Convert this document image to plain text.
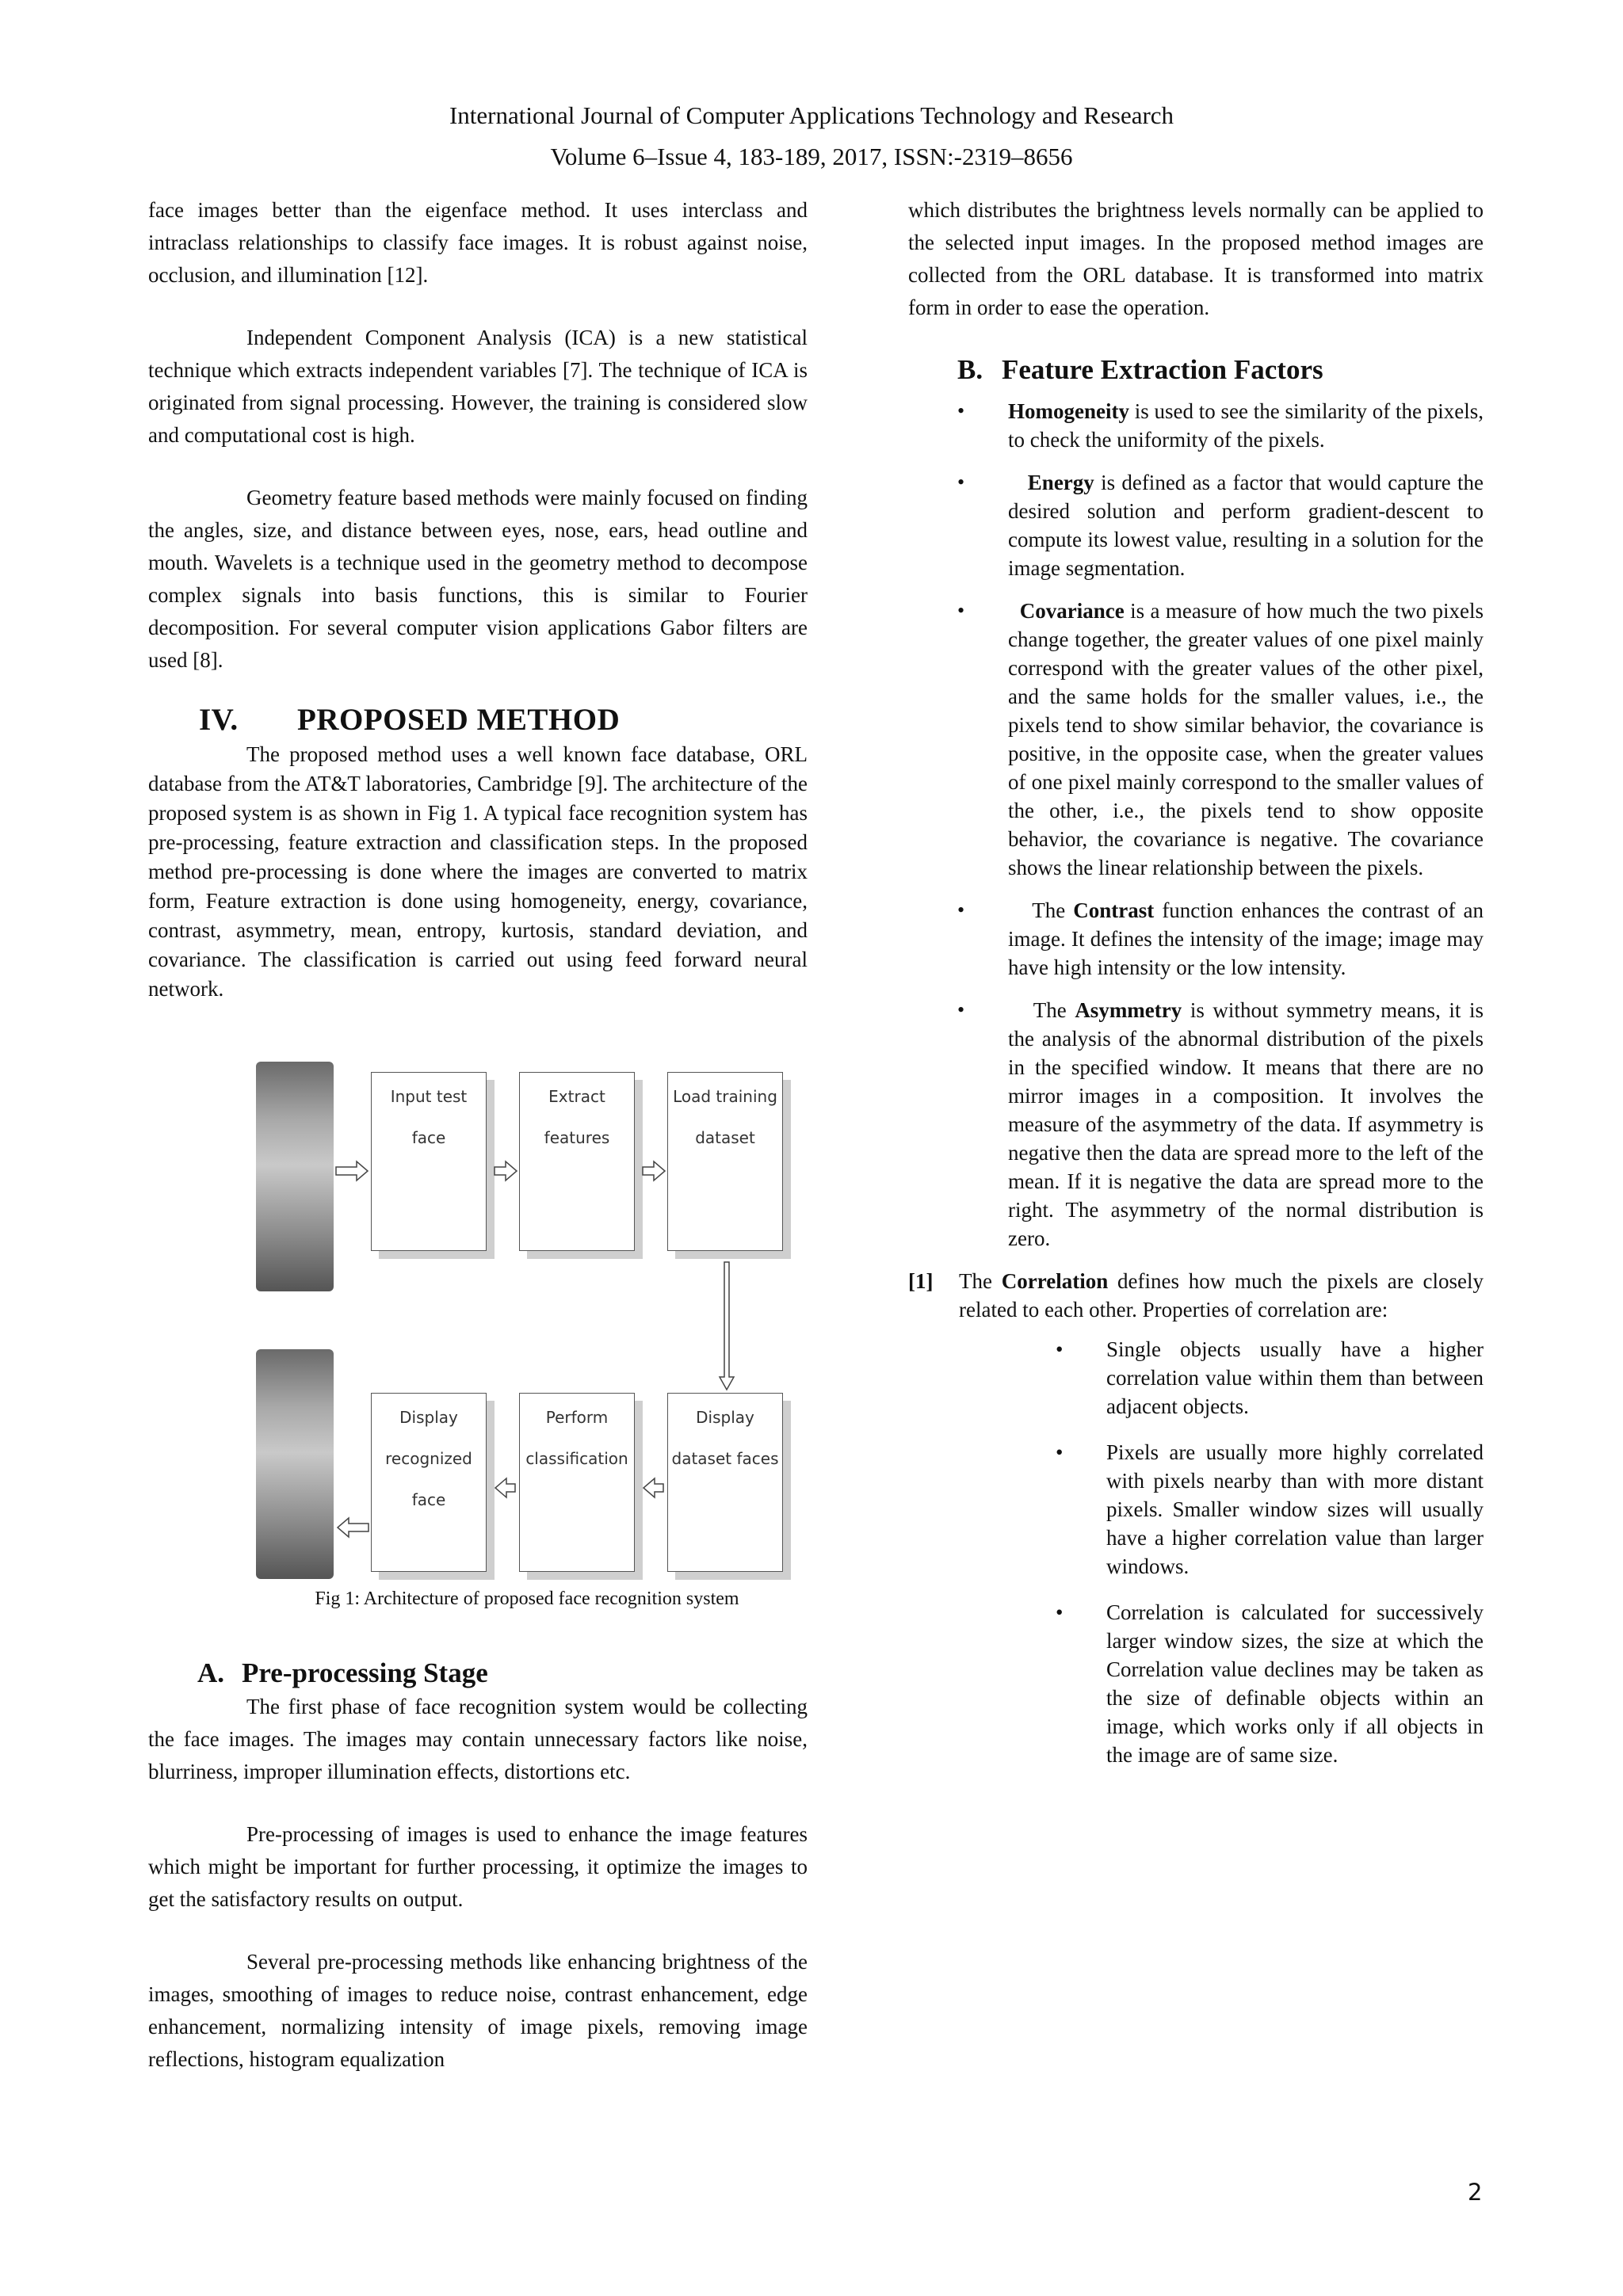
International Journal of Computer Applications Technology and Research
Volume 6–Issue 4, 183-189, 2017, ISSN:-2319–8656

face images better than the eigenface method. It uses interclass and intraclass relationships to classify face images. It is robust against noise, occlusion, and illumination [12].

Independent Component Analysis (ICA) is a new statistical technique which extracts independent variables [7]. The technique of ICA is originated from signal processing. However, the training is considered slow and computational cost is high.

Geometry feature based methods were mainly focused on finding the angles, size, and distance between eyes, nose, ears, head outline and mouth. Wavelets is a technique used in the geometry method to decompose complex signals into basis functions, this is similar to Fourier decomposition. For several computer vision applications Gabor filters are used [8].

IV. PROPOSED METHOD

The proposed method uses a well known face database, ORL database from the AT&T laboratories, Cambridge [9]. The architecture of the proposed system is as shown in Fig 1. A typical face recognition system has pre-processing, feature extraction and classification steps. In the proposed method pre-processing is done where the images are converted to matrix form, Feature extraction is done using homogeneity, energy, covariance, contrast, asymmetry, mean, entropy, kurtosis, standard deviation, and covariance. The classification is carried out using feed forward neural network.

Input test face
Extract features
Load training
dataset
Display recognized
face
Perform
classification
Display dataset faces
Fig 1: Architecture of proposed face recognition system
A. Pre-processing Stage

The first phase of face recognition system would be collecting the face images. The images may contain unnecessary factors like noise, blurriness, improper illumination effects, distortions etc.

Pre-processing of images is used to enhance the image features which might be important for further processing, it optimize the images to get the satisfactory results on output.

Several pre-processing methods like enhancing brightness of the images, smoothing of images to reduce noise, contrast enhancement, edge enhancement, normalizing intensity of image pixels, removing image reflections, histogram equalization

which distributes the brightness levels normally can be applied to the selected input images. In the proposed method images are collected from the ORL database. It is transformed into matrix form in order to ease the operation.

B. Feature Extraction Factors
• Homogeneity is used to see the similarity of the pixels, to check the uniformity of the pixels.
•	Energy is defined as a factor that would capture the desired solution and perform gradient-descent to compute its lowest value, resulting in a solution for the image segmentation.
•	Covariance is a measure of how much the two pixels change together, the greater values of one pixel mainly correspond with the greater values of the other pixel, and the same holds for the smaller values, i.e., the pixels tend to show similar behavior, the covariance is positive, in the opposite case, when the greater values of one pixel mainly correspond to the smaller values of the other, i.e., the pixels tend to show opposite behavior, the covariance is negative. The covariance shows the linear relationship between the pixels.
•	The Contrast function enhances the contrast of an image. It defines the intensity of the image; image may have high intensity or the low intensity.
•	The Asymmetry is without symmetry means, it is the analysis of the abnormal distribution of the pixels in the specified window. It means that there are no mirror images in a composition. It involves the measure of the asymmetry of the data. If asymmetry is negative then the data are spread more to the left of the mean. If it is negative the data are spread more to the right. The asymmetry of the normal distribution is zero.
[1] The Correlation defines how much the pixels are closely related to each other. Properties of correlation are:
• Single objects usually have a higher correlation value within them than between adjacent objects.
• Pixels are usually more highly correlated with pixels nearby than with more distant pixels. Smaller window sizes will usually have a higher correlation value than larger windows.
• Correlation is calculated for successively larger window sizes, the size at which the Correlation value declines may be taken as the size of definable objects within an image, which works only if all objects in the image are of same size.
2
